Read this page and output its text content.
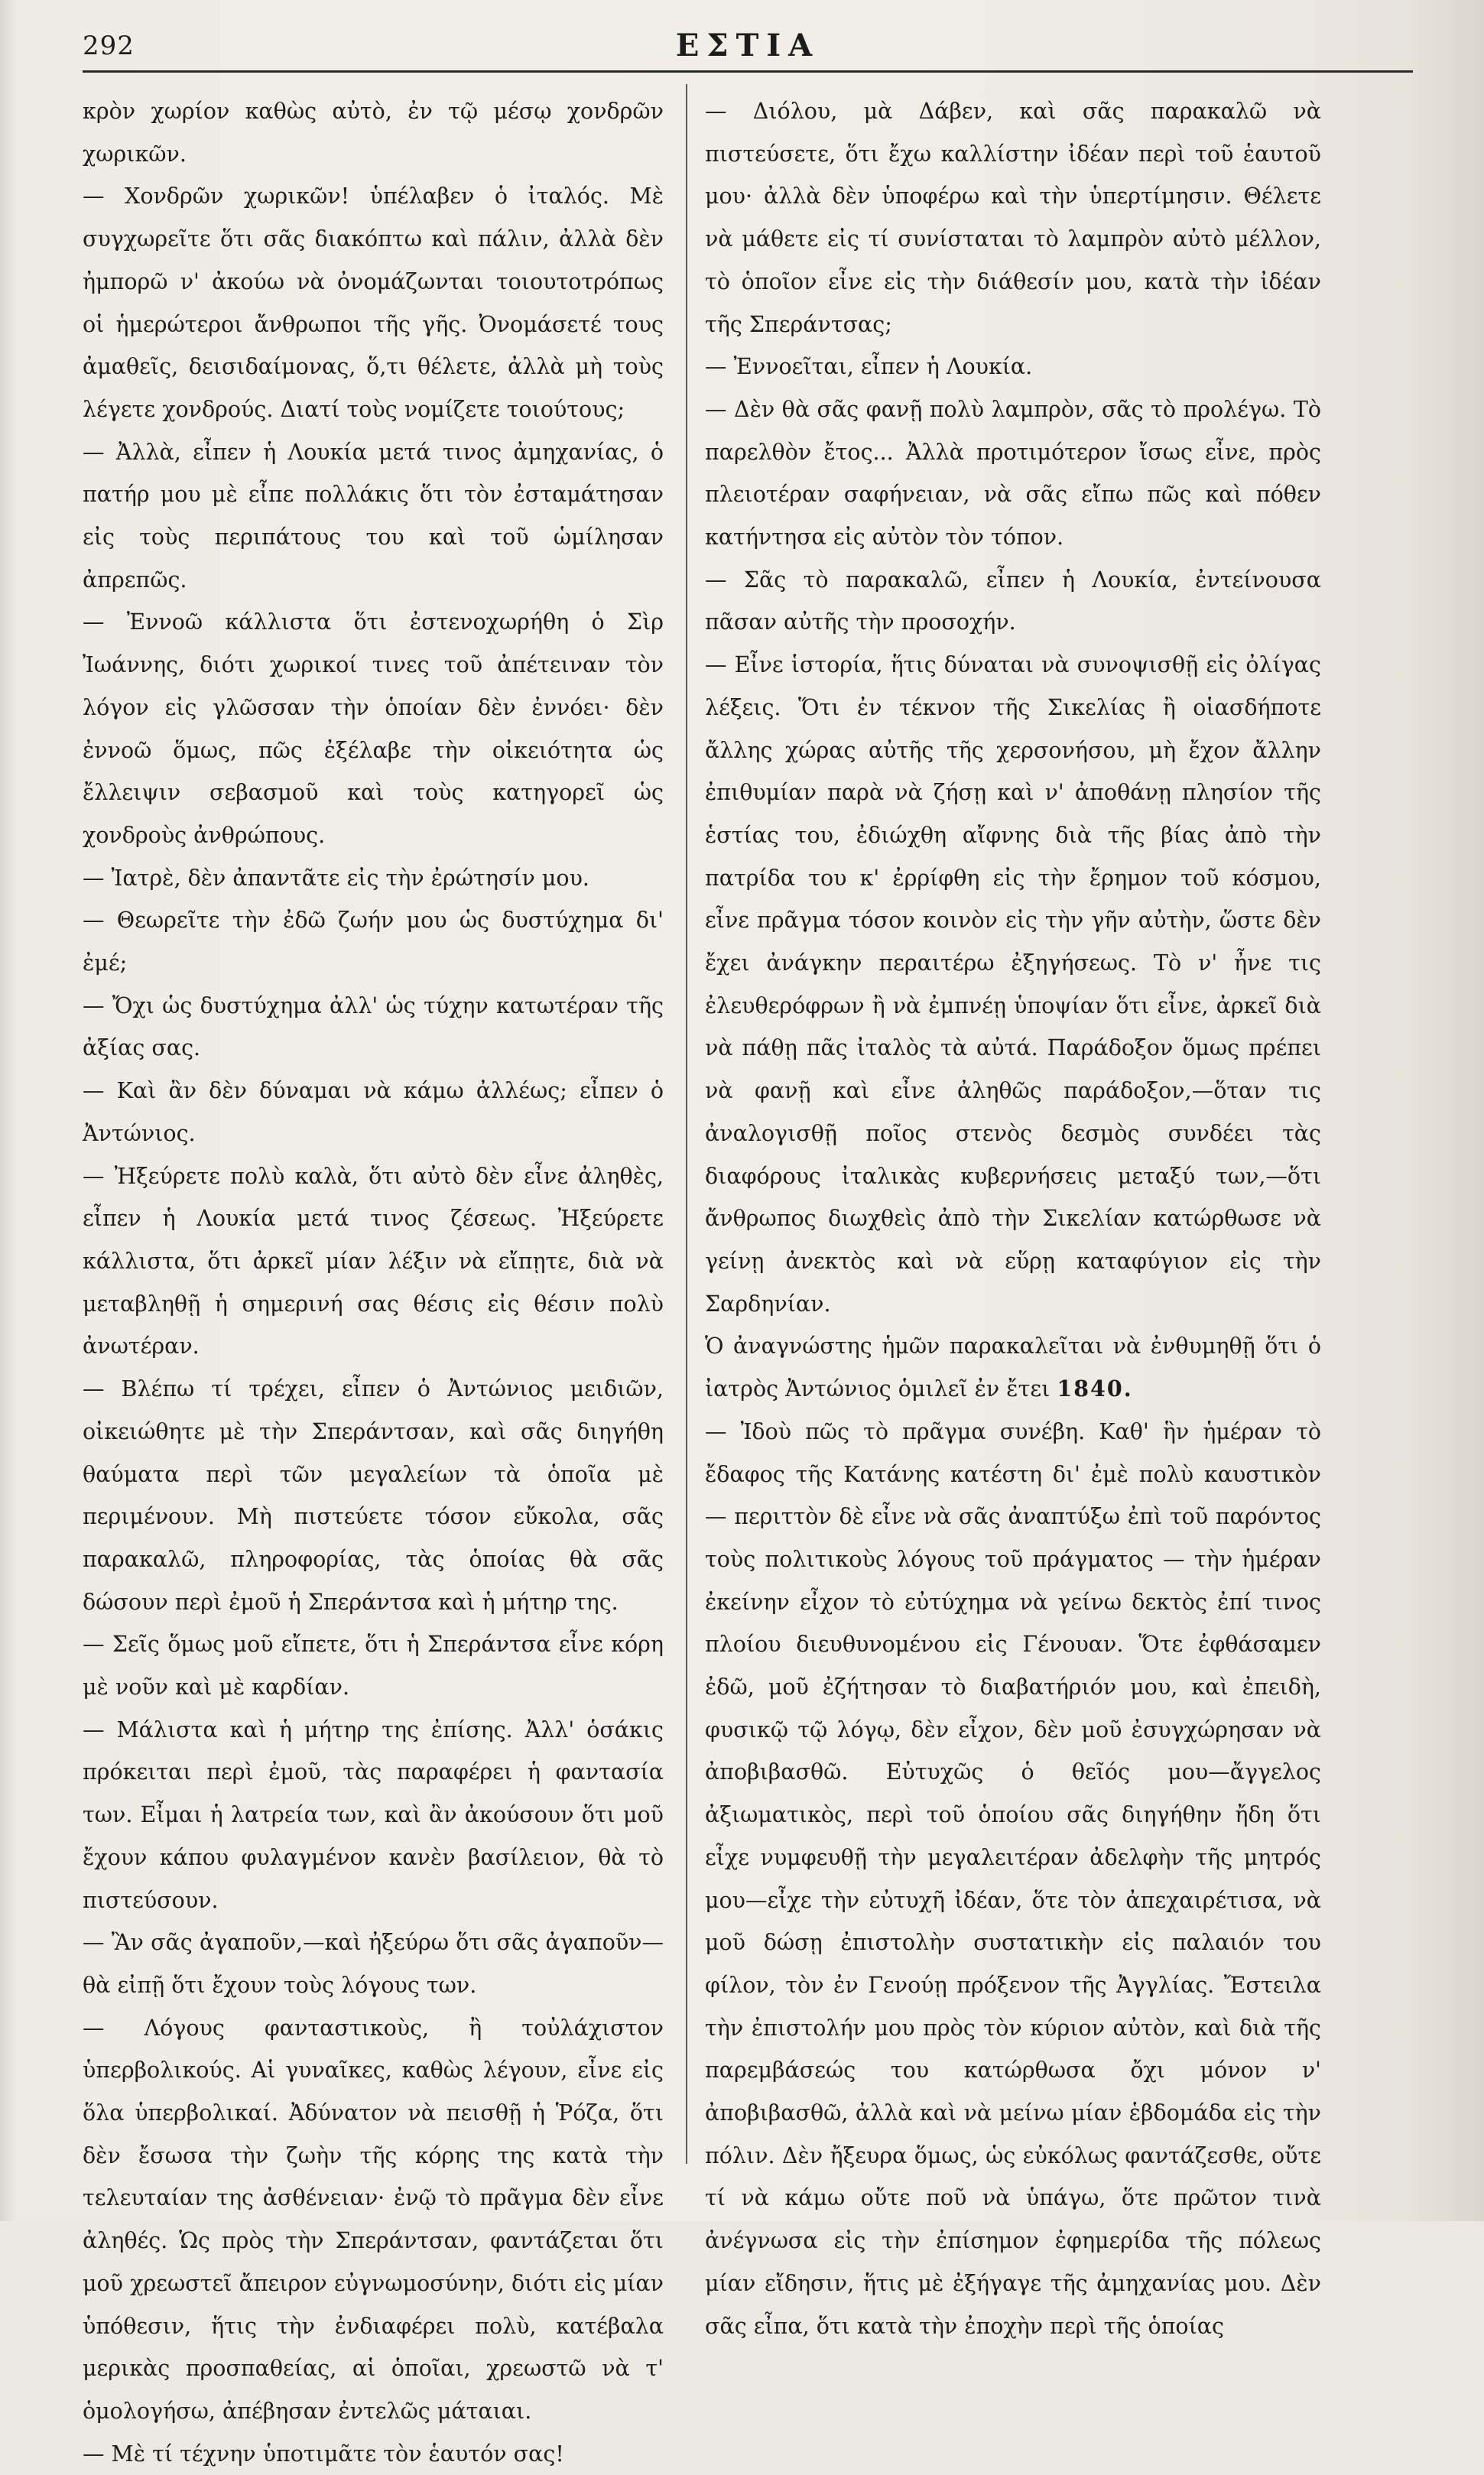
292	ΕΣΤΙΑ

κρὸν χωρίον καθὼς αὐτὸ, ἐν τῷ μέσῳ χονδρῶν χωρικῶν.

— Χονδρῶν χωρικῶν! ὑπέλαβεν ὁ ἰταλός. Μὲ συγχωρεῖτε ὅτι σᾶς διακόπτω καὶ πάλιν, ἀλλὰ δὲν ἠμπορῶ ν' ἀκούω νὰ ὀνομάζωνται τοιουτοτρόπως οἱ ἡμερώτεροι ἄνθρωποι τῆς γῆς. Ὀνομάσετέ τους ἀμαθεῖς, δεισιδαίμονας, ὅ,τι θέλετε, ἀλλὰ μὴ τοὺς λέγετε χονδρούς. Διατί τοὺς νομίζετε τοιούτους;

— Ἀλλὰ, εἶπεν ἡ Λουκία μετά τινος ἀμηχανίας, ὁ πατήρ μου μὲ εἶπε πολλάκις ὅτι τὸν ἐσταμάτησαν εἰς τοὺς περιπάτους του καὶ τοῦ ὡμίλησαν ἀπρεπῶς.

— Ἐννοῶ κάλλιστα ὅτι ἐστενοχωρήθη ὁ Σὶρ Ἰωάννης, διότι χωρικοί τινες τοῦ ἀπέτειναν τὸν λόγον εἰς γλῶσσαν τὴν ὁποίαν δὲν ἐννόει· δὲν ἐννοῶ ὅμως, πῶς ἐξέλαβε τὴν οἰκειότητα ὡς ἔλλειψιν σεβασμοῦ καὶ τοὺς κατηγορεῖ ὡς χονδροὺς ἀνθρώπους.

— Ἰατρὲ, δὲν ἀπαντᾶτε εἰς τὴν ἐρώτησίν μου.

— Θεωρεῖτε τὴν ἐδῶ ζωήν μου ὡς δυστύχημα δι' ἐμέ;

— Ὄχι ὡς δυστύχημα ἀλλ' ὡς τύχην κατωτέραν τῆς ἀξίας σας.

— Καὶ ἂν δὲν δύναμαι νὰ κάμω ἀλλέως; εἶπεν ὁ Ἀντώνιος.

— Ἠξεύρετε πολὺ καλὰ, ὅτι αὐτὸ δὲν εἶνε ἀληθὲς, εἶπεν ἡ Λουκία μετά τινος ζέσεως. Ἠξεύρετε κάλλιστα, ὅτι ἀρκεῖ μίαν λέξιν νὰ εἴπῃτε, διὰ νὰ μεταβληθῇ ἡ σημερινή σας θέσις εἰς θέσιν πολὺ ἀνωτέραν.

— Βλέπω τί τρέχει, εἶπεν ὁ Ἀντώνιος μειδιῶν, οἰκειώθητε μὲ τὴν Σπεράντσαν, καὶ σᾶς διηγήθη θαύματα περὶ τῶν μεγαλείων τὰ ὁποῖα μὲ περιμένουν. Μὴ πιστεύετε τόσον εὔκολα, σᾶς παρακαλῶ, πληροφορίας, τὰς ὁποίας θὰ σᾶς δώσουν περὶ ἐμοῦ ἡ Σπεράντσα καὶ ἡ μήτηρ της.

— Σεῖς ὅμως μοῦ εἴπετε, ὅτι ἡ Σπεράντσα εἶνε κόρη μὲ νοῦν καὶ μὲ καρδίαν.

— Μάλιστα καὶ ἡ μήτηρ της ἐπίσης. Ἀλλ' ὁσάκις πρόκειται περὶ ἐμοῦ, τὰς παραφέρει ἡ φαντασία των. Εἶμαι ἡ λατρεία των, καὶ ἂν ἀκούσουν ὅτι μοῦ ἔχουν κάπου φυλαγμένον κανὲν βασίλειον, θὰ τὸ πιστεύσουν.

— Ἂν σᾶς ἀγαποῦν,—καὶ ἠξεύρω ὅτι σᾶς ἀγαποῦν—θὰ εἰπῇ ὅτι ἔχουν τοὺς λόγους των.

— Λόγους φανταστικοὺς, ἢ τοὐλάχιστον ὑπερβολικούς. Αἱ γυναῖκες, καθὼς λέγουν, εἶνε εἰς ὅλα ὑπερβολικαί. Ἀδύνατον νὰ πεισθῇ ἡ Ῥόζα, ὅτι δὲν ἔσωσα τὴν ζωὴν τῆς κόρης της κατὰ τὴν τελευταίαν της ἀσθένειαν· ἐνῷ τὸ πρᾶγμα δὲν εἶνε ἀληθές. Ὡς πρὸς τὴν Σπεράντσαν, φαντάζεται ὅτι μοῦ χρεωστεῖ ἄπειρον εὐγνωμοσύνην, διότι εἰς μίαν ὑπόθεσιν, ἥτις τὴν ἐνδιαφέρει πολὺ, κατέβαλα μερικὰς προσπαθείας, αἱ ὁποῖαι, χρεωστῶ νὰ τ' ὁμολογήσω, ἀπέβησαν ἐντελῶς μάταιαι.

— Μὲ τί τέχνην ὑποτιμᾶτε τὸν ἑαυτόν σας!

— Διόλου, μὰ Δάβεν, καὶ σᾶς παρακαλῶ νὰ πιστεύσετε, ὅτι ἔχω καλλίστην ἰδέαν περὶ τοῦ ἑαυτοῦ μου· ἀλλὰ δὲν ὑποφέρω καὶ τὴν ὑπερτίμησιν. Θέλετε νὰ μάθετε εἰς τί συνίσταται τὸ λαμπρὸν αὐτὸ μέλλον, τὸ ὁποῖον εἶνε εἰς τὴν διάθεσίν μου, κατὰ τὴν ἰδέαν τῆς Σπεράντσας;

— Ἐννοεῖται, εἶπεν ἡ Λουκία.

— Δὲν θὰ σᾶς φανῇ πολὺ λαμπρὸν, σᾶς τὸ προλέγω. Τὸ παρελθὸν ἔτος... Ἀλλὰ προτιμότερον ἴσως εἶνε, πρὸς πλειοτέραν σαφήνειαν, νὰ σᾶς εἴπω πῶς καὶ πόθεν κατήντησα εἰς αὐτὸν τὸν τόπον.

— Σᾶς τὸ παρακαλῶ, εἶπεν ἡ Λουκία, ἐντείνουσα πᾶσαν αὐτῆς τὴν προσοχήν.

— Εἶνε ἱστορία, ἥτις δύναται νὰ συνοψισθῇ εἰς ὀλίγας λέξεις. Ὅτι ἐν τέκνον τῆς Σικελίας ἢ οἱασδήποτε ἄλλης χώρας αὐτῆς τῆς χερσονήσου, μὴ ἔχον ἄλλην ἐπιθυμίαν παρὰ νὰ ζήσῃ καὶ ν' ἀποθάνῃ πλησίον τῆς ἑστίας του, ἐδιώχθη αἴφνης διὰ τῆς βίας ἀπὸ τὴν πατρίδα του κ' ἐρρίφθη εἰς τὴν ἔρημον τοῦ κόσμου, εἶνε πρᾶγμα τόσον κοινὸν εἰς τὴν γῆν αὐτὴν, ὥστε δὲν ἔχει ἀνάγκην περαιτέρω ἐξηγήσεως. Τὸ ν' ἦνε τις ἐλευθερόφρων ἢ νὰ ἐμπνέῃ ὑποψίαν ὅτι εἶνε, ἀρκεῖ διὰ νὰ πάθῃ πᾶς ἰταλὸς τὰ αὐτά. Παράδοξον ὅμως πρέπει νὰ φανῇ καὶ εἶνε ἀληθῶς παράδοξον,—ὅταν τις ἀναλογισθῇ ποῖος στενὸς δεσμὸς συνδέει τὰς διαφόρους ἰταλικὰς κυβερνήσεις μεταξύ των,—ὅτι ἄνθρωπος διωχθεὶς ἀπὸ τὴν Σικελίαν κατώρθωσε νὰ γείνῃ ἀνεκτὸς καὶ νὰ εὕρῃ καταφύγιον εἰς τὴν Σαρδηνίαν.

Ὁ ἀναγνώστης ἡμῶν παρακαλεῖται νὰ ἐνθυμηθῇ ὅτι ὁ ἰατρὸς Ἀντώνιος ὁμιλεῖ ἐν ἔτει 1840.

— Ἰδοὺ πῶς τὸ πρᾶγμα συνέβη. Καθ' ἣν ἡμέραν τὸ ἔδαφος τῆς Κατάνης κατέστη δι' ἐμὲ πολὺ καυστικὸν — περιττὸν δὲ εἶνε νὰ σᾶς ἀναπτύξω ἐπὶ τοῦ παρόντος τοὺς πολιτικοὺς λόγους τοῦ πράγματος — τὴν ἡμέραν ἐκείνην εἶχον τὸ εὐτύχημα νὰ γείνω δεκτὸς ἐπί τινος πλοίου διευθυνομένου εἰς Γένουαν. Ὅτε ἐφθάσαμεν ἐδῶ, μοῦ ἐζήτησαν τὸ διαβατήριόν μου, καὶ ἐπειδὴ, φυσικῷ τῷ λόγῳ, δὲν εἶχον, δὲν μοῦ ἐσυγχώρησαν νὰ ἀποβιβασθῶ. Εὐτυχῶς ὁ θεῖός μου—ἄγγελος ἀξιωματικὸς, περὶ τοῦ ὁποίου σᾶς διηγήθην ἤδη ὅτι εἶχε νυμφευθῇ τὴν μεγαλειτέραν ἀδελφὴν τῆς μητρός μου—εἶχε τὴν εὐτυχῆ ἰδέαν, ὅτε τὸν ἀπεχαιρέτισα, νὰ μοῦ δώσῃ ἐπιστολὴν συστατικὴν εἰς παλαιόν του φίλον, τὸν ἐν Γενούῃ πρόξενον τῆς Ἀγγλίας. Ἔστειλα τὴν ἐπιστολήν μου πρὸς τὸν κύριον αὐτὸν, καὶ διὰ τῆς παρεμβάσεώς του κατώρθωσα ὄχι μόνον ν' ἀποβιβασθῶ, ἀλλὰ καὶ νὰ μείνω μίαν ἑβδομάδα εἰς τὴν πόλιν. Δὲν ἤξευρα ὅμως, ὡς εὐκόλως φαντάζεσθε, οὔτε τί νὰ κάμω οὔτε ποῦ νὰ ὑπάγω, ὅτε πρῶτον τινὰ ἀνέγνωσα εἰς τὴν ἐπίσημον ἐφημερίδα τῆς πόλεως μίαν εἴδησιν, ἥτις μὲ ἐξήγαγε τῆς ἀμηχανίας μου. Δὲν σᾶς εἶπα, ὅτι κατὰ τὴν ἐποχὴν περὶ τῆς ὁποίας
